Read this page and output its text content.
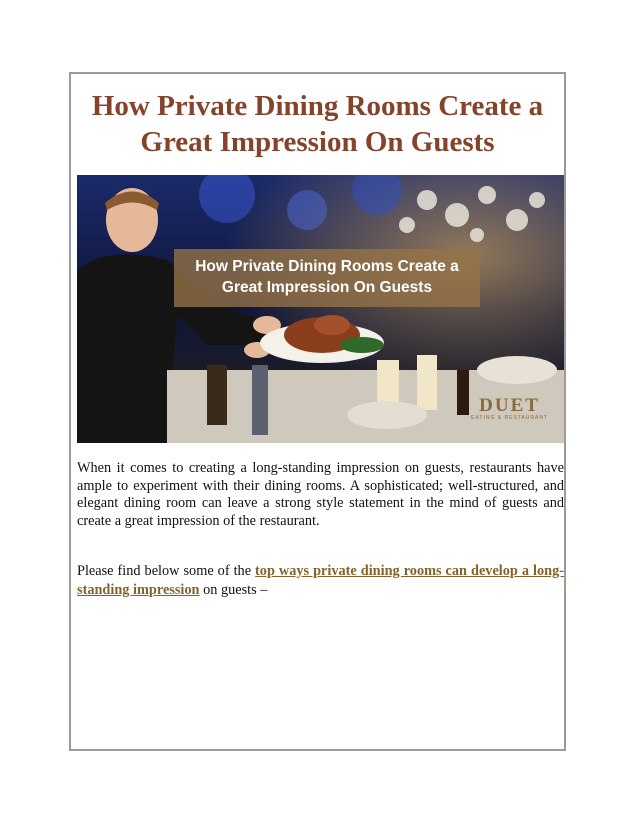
How Private Dining Rooms Create a
Great Impression On Guests
How Private Dining Rooms Create a
Great Impression On Guests
DUET
EATING & RESTAURANT

When it comes to creating a long-standing impression on guests, restaurants have ample to experiment with their dining rooms. A sophisticated; well-structured, and elegant dining room can leave a strong style statement in the mind of guests and create a great impression of the restaurant.

Please find below some of the top ways private dining rooms can develop a long-standing impression on guests –
